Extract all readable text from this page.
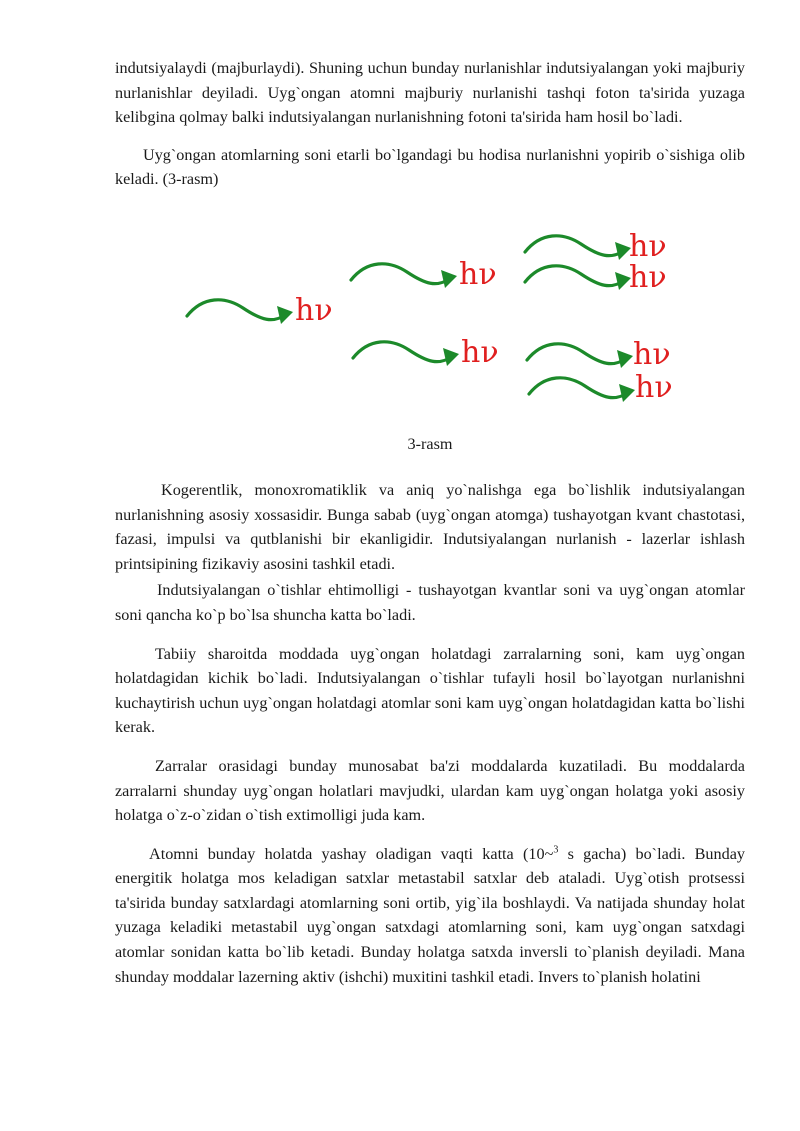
indutsiyalaydi (majburlaydi). Shuning uchun bunday nurlanishlar indutsiyalangan yoki majburiy nurlanishlar deyiladi. Uyg`ongan atomni majburiy nurlanishi tashqi foton ta'sirida yuzaga kelibgina qolmay balki indutsiyalangan nurlanishning fotoni ta'sirida ham hosil bo`ladi.

Uyg`ongan atomlarning soni etarli bo`lgandagi bu hodisa nurlanishni yopirib o`sishiga olib keladi. (3-rasm)

hν
hν
hν
hν
hν
hν
hν
3-rasm

Kogerentlik, monoxromatiklik va aniq yo`nalishga ega bo`lishlik indutsiyalangan nurlanishning asosiy xossasidir. Bunga sabab (uyg`ongan atomga) tushayotgan kvant chastotasi, fazasi, impulsi va qutblanishi bir ekanligidir. Indutsiyalangan nurlanish - lazerlar ishlash printsipining fizikaviy asosini tashkil etadi.

Indutsiyalangan o`tishlar ehtimolligi - tushayotgan kvantlar soni va uyg`ongan atomlar soni qancha ko`p bo`lsa shuncha katta bo`ladi.

Tabiiy sharoitda moddada uyg`ongan holatdagi zarralarning soni, kam uyg`ongan holatdagidan kichik bo`ladi. Indutsiyalangan o`tishlar tufayli hosil bo`layotgan nurlanishni kuchaytirish uchun uyg`ongan holatdagi atomlar soni kam uyg`ongan holatdagidan katta bo`lishi kerak.

Zarralar orasidagi bunday munosabat ba'zi moddalarda kuzatiladi. Bu moddalarda zarralarni shunday uyg`ongan holatlari mavjudki, ulardan kam uyg`ongan holatga yoki asosiy holatga o`z-o`zidan o`tish extimolligi juda kam.

Atomni bunday holatda yashay oladigan vaqti katta (10~$^3$ s gacha) bo`ladi. Bunday energitik holatga mos keladigan satxlar metastabil satxlar deb ataladi. Uyg`otish protsessi ta'sirida bunday satxlardagi atomlarning soni ortib, yig`ila boshlaydi. Va natijada shunday holat yuzaga keladiki metastabil uyg`ongan satxdagi atomlarning soni, kam uyg`ongan satxdagi atomlar sonidan katta bo`lib ketadi. Bunday holatga satxda inversli to`planish deyiladi. Mana shunday moddalar lazerning aktiv (ishchi) muxitini tashkil etadi. Invers to`planish holatini
